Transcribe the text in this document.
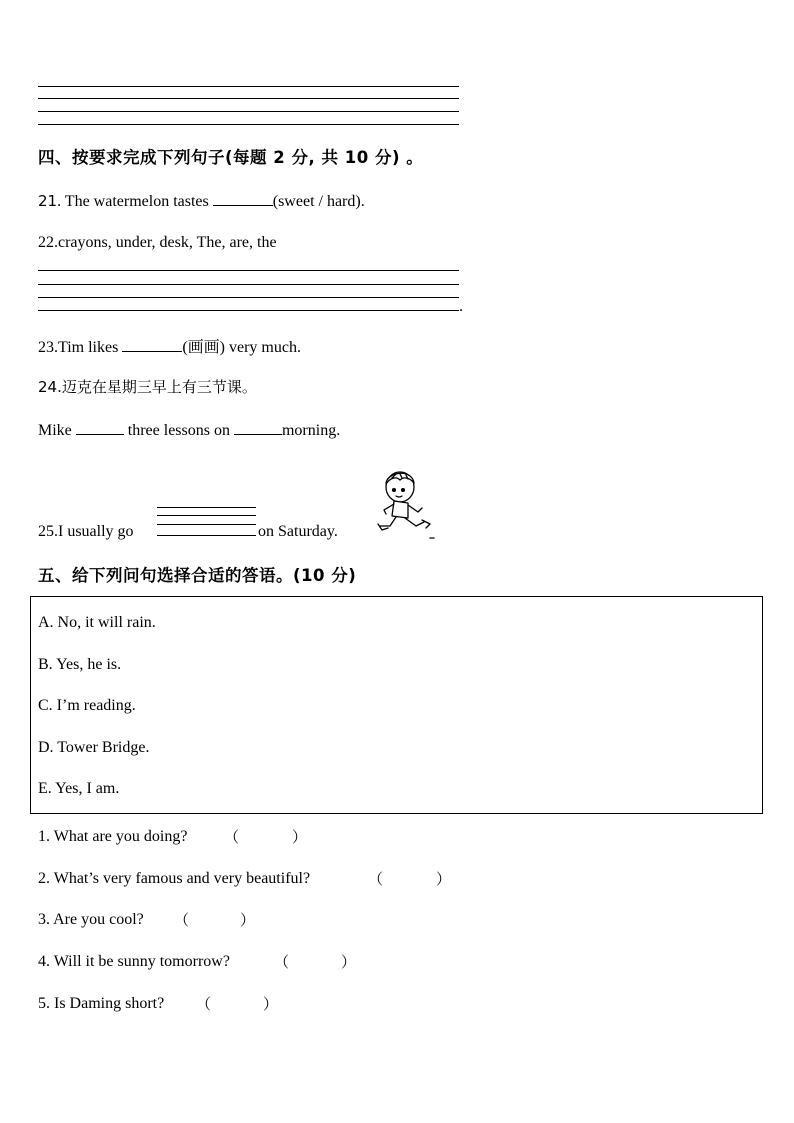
四、按要求完成下列句子(每题 2 分, 共 10 分) 。
21. The watermelon tastes	(sweet / hard).
22.crayons, under, desk, The, are, the
.
23.Tim likes	(画画) very much.
24.迈克在星期三早上有三节课。
Mike	three lessons on	morning.
25.I usually go	on Saturday.
五、给下列问句选择合适的答语。(10 分)
A. No, it will rain.
B. Yes, he is.
C. I’m reading.
D. Tower Bridge.
E. Yes, I am.
1. What are you doing? （	）
2. What’s very famous and very beautiful?	（	）
3. Are you cool? （	）
4. Will it be sunny tomorrow?	（	）
5. Is Daming short? （	）
